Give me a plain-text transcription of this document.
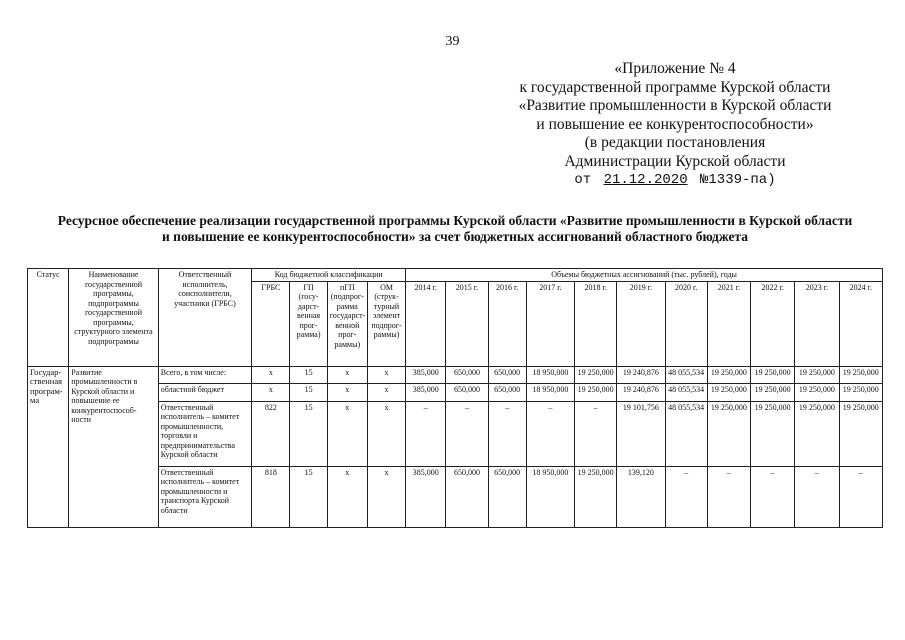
39
«Приложение № 4
к государственной программе Курской области
«Развитие промышленности в Курской области
и повышение ее конкурентоспособности»
(в редакции постановления
Администрации Курской области
от 21.12.2020 №1339-па)
Ресурсное обеспечение реализации государственной программы Курской области «Развитие промышленности в Курской области
и повышение ее конкурентоспособности» за счет бюджетных ассигнований областного бюджета
Статус	Наименование государственной программы, подпрограммы государственной программы, структурного элемента подпрограммы	Ответственный исполнитель, соисполнители, участники (ГРБС)	Код бюджетной классификации				Объемы бюджетных ассигнований (тыс. рублей), годы										
			ГРБС	ГП (госу-дарст-венная прог-рамма)	пГП (подпрог-рамма государст-венной прог-раммы)	ОМ (струк-турный элемент подпрог-раммы)	2014 г.	2015 г.	2016 г.	2017 г.	2018 г.	2019 г.	2020 г.	2021 г.	2022 г.	2023 г.	2024 г.
Государ-ственная програм-ма	Развитие промышленности в Курской области и повышение ее конкурентоспособ-ности	Всего, в том числе:	x	15	x	x	385,000	650,000	650,000	18 950,000	19 250,000	19 240,876	48 055,534	19 250,000	19 250,000	19 250,000	19 250,000
		областной бюджет	x	15	x	x	385,000	650,000	650,000	18 950,000	19 250,000	19 240,876	48 055,534	19 250,000	19 250,000	19 250,000	19 250,000
		Ответственный исполнитель – комитет промышленности, торговли и предпринимательства Курской области	822	15	x	x	–	–	–	–	–	19 101,756	48 055,534	19 250,000	19 250,000	19 250,000	19 250,000
		Ответственный исполнитель – комитет промышленности и транспорта Курской области	818	15	x	x	385,000	650,000	650,000	18 950,000	19 250,000	139,120	–	–	–	–	–
